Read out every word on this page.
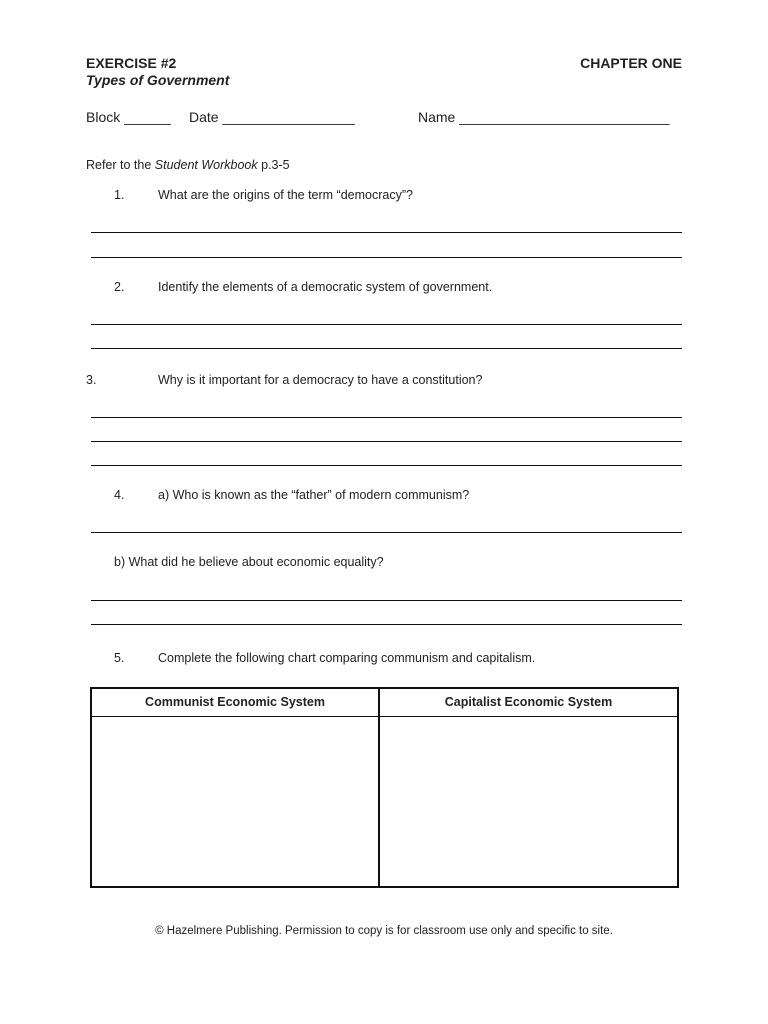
EXERCISE #2	CHAPTER ONE
Types of Government
Block ______ Date _________________	Name ___________________________
Refer to the Student Workbook p.3-5
1.	What are the origins of the term “democracy”?
2.	Identify the elements of a democratic system of government.
3.	Why is it important for a democracy to have a constitution?
4.	a) Who is known as the “father” of modern communism?
b) What did he believe about economic equality?
5.	Complete the following chart comparing communism and capitalism.
Communist Economic System	Capitalist Economic System
© Hazelmere Publishing. Permission to copy is for classroom use only and specific to site.
